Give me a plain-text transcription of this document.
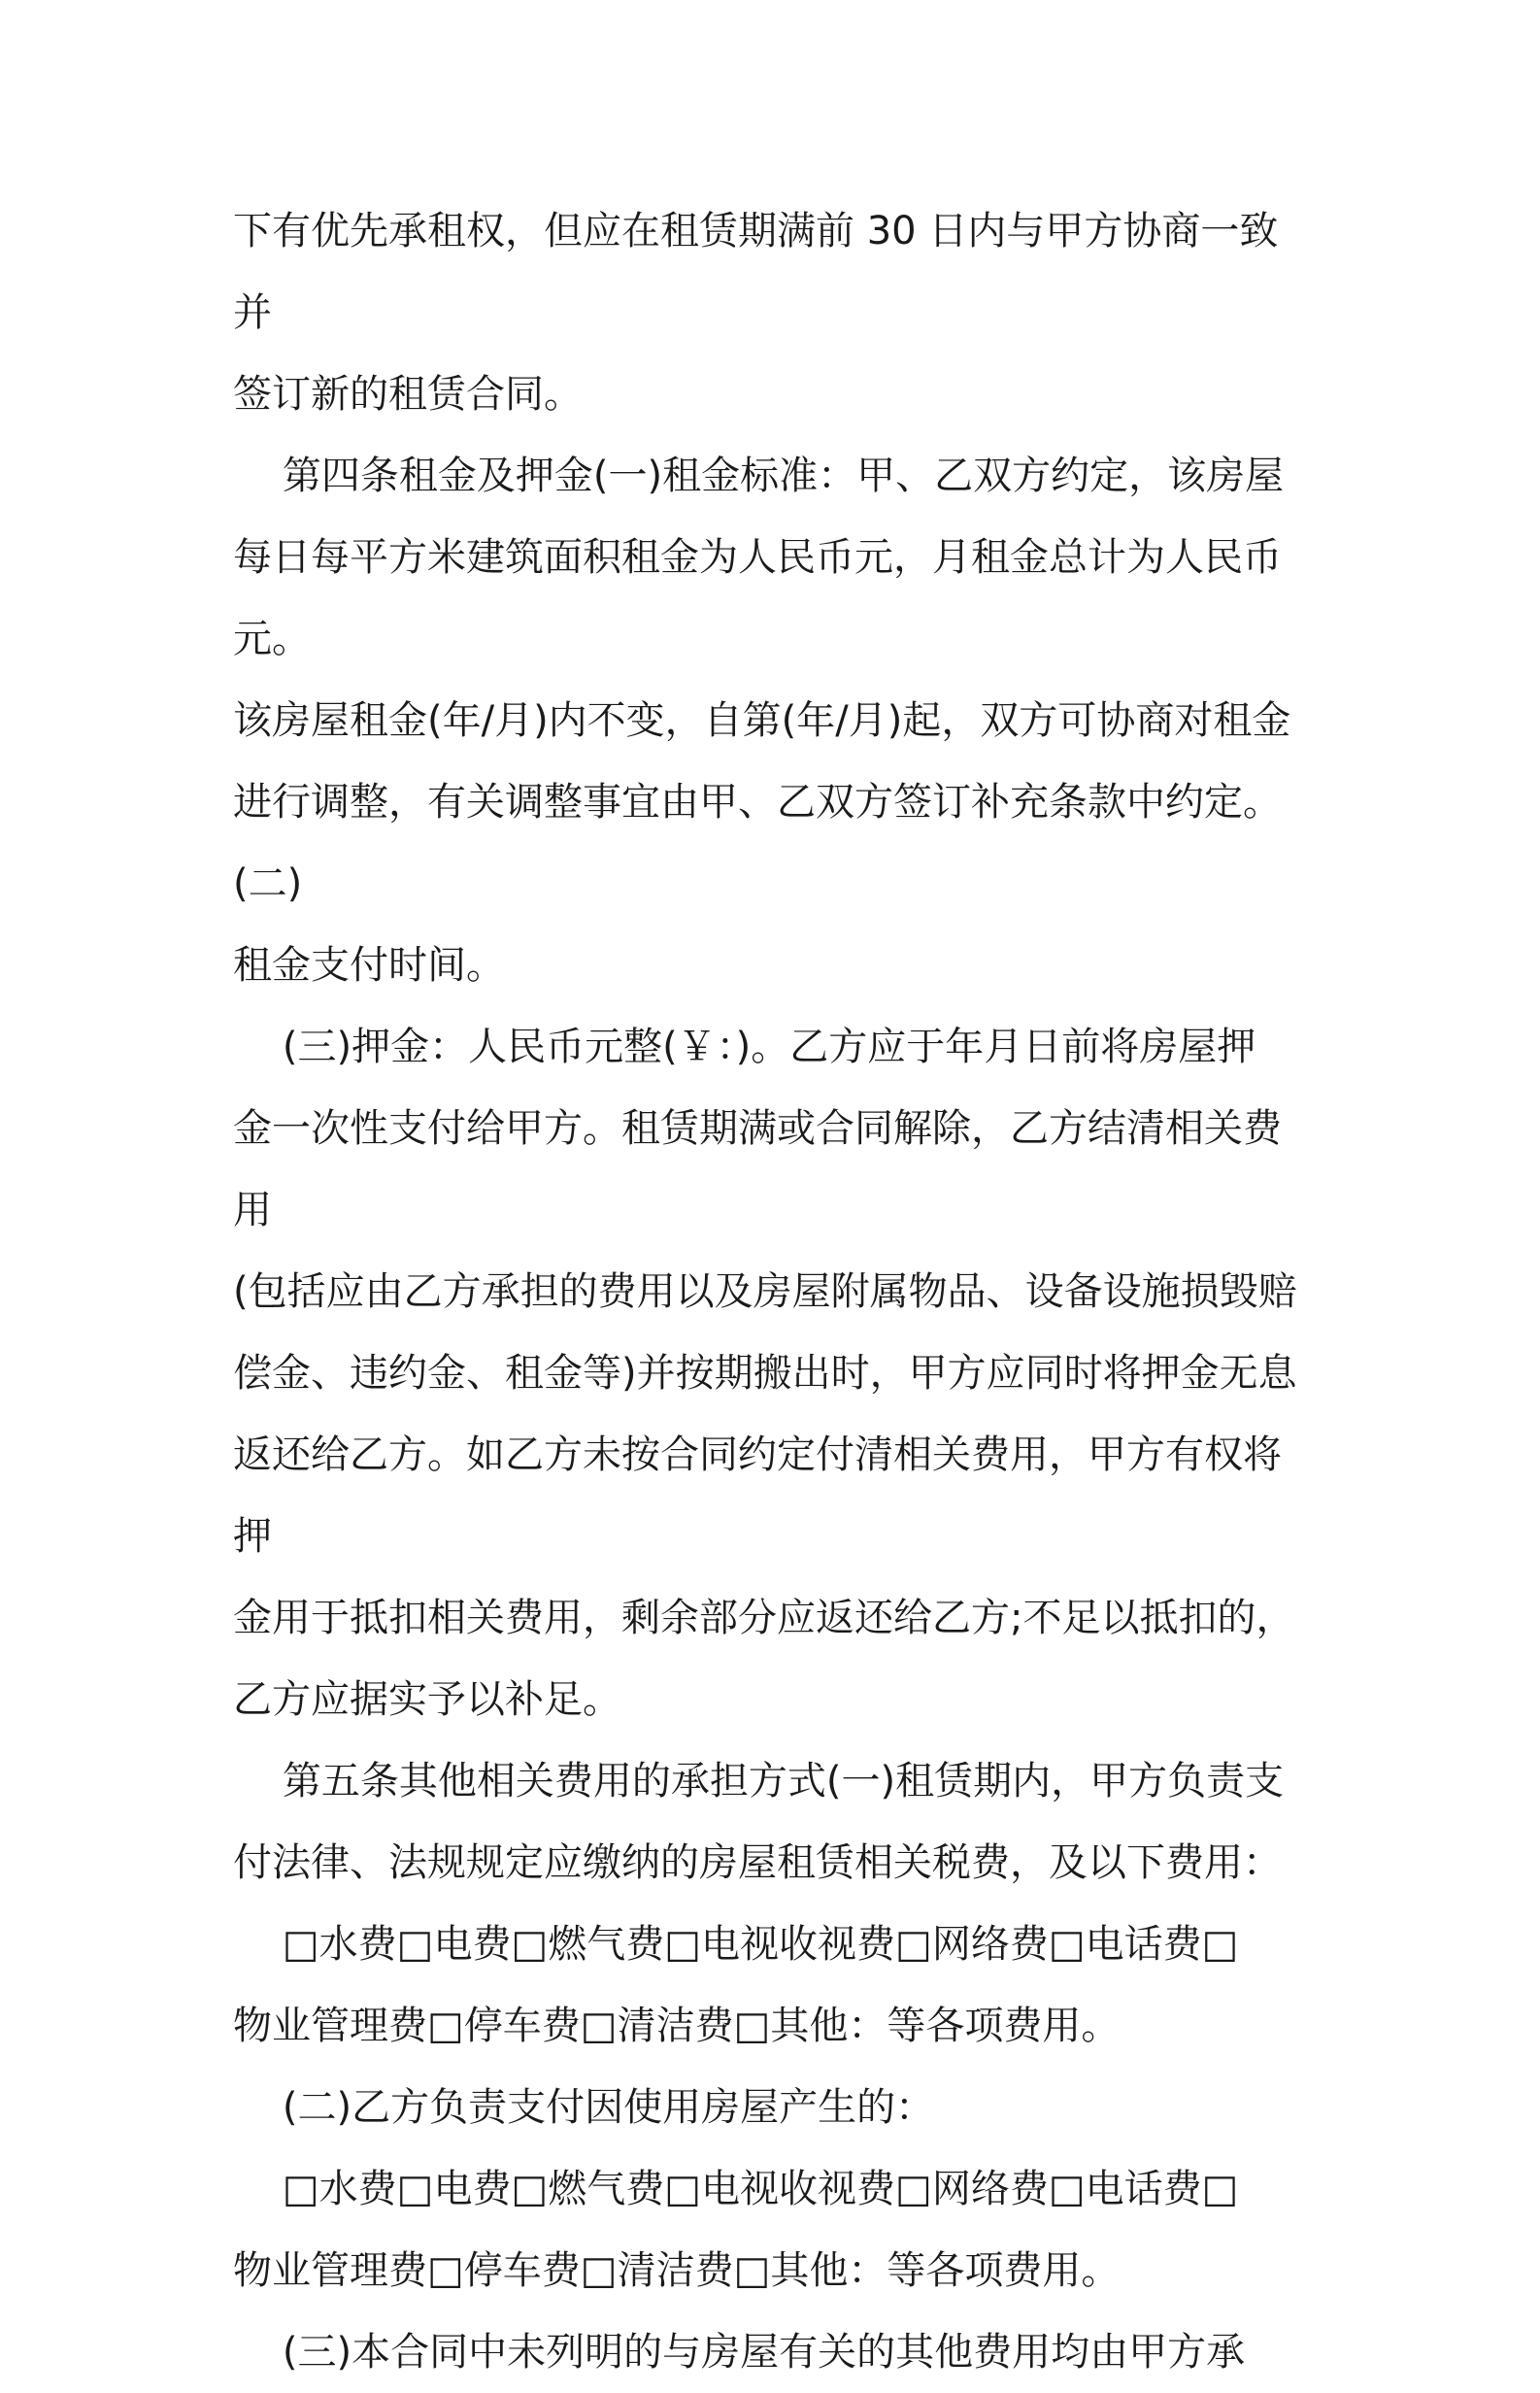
下有优先承租权，但应在租赁期满前 30 日内与甲方协商一致并

签订新的租赁合同。

第四条租金及押金(一)租金标准：甲、乙双方约定，该房屋

每日每平方米建筑面积租金为人民币元，月租金总计为人民币元。

该房屋租金(年/月)内不变，自第(年/月)起，双方可协商对租金

进行调整，有关调整事宜由甲、乙双方签订补充条款中约定。(二)

租金支付时间。

(三)押金：人民币元整(￥：)。乙方应于年月日前将房屋押

金一次性支付给甲方。租赁期满或合同解除，乙方结清相关费用

(包括应由乙方承担的费用以及房屋附属物品、设备设施损毁赔

偿金、违约金、租金等)并按期搬出时，甲方应同时将押金无息

返还给乙方。如乙方未按合同约定付清相关费用，甲方有权将押

金用于抵扣相关费用，剩余部分应返还给乙方;不足以抵扣的，

乙方应据实予以补足。

第五条其他相关费用的承担方式(一)租赁期内，甲方负责支

付法律、法规规定应缴纳的房屋租赁相关税费，及以下费用：

□水费□电费□燃气费□电视收视费□网络费□电话费□

物业管理费□停车费□清洁费□其他：等各项费用。

(二)乙方负责支付因使用房屋产生的：

□水费□电费□燃气费□电视收视费□网络费□电话费□

物业管理费□停车费□清洁费□其他：等各项费用。

(三)本合同中未列明的与房屋有关的其他费用均由甲方承
